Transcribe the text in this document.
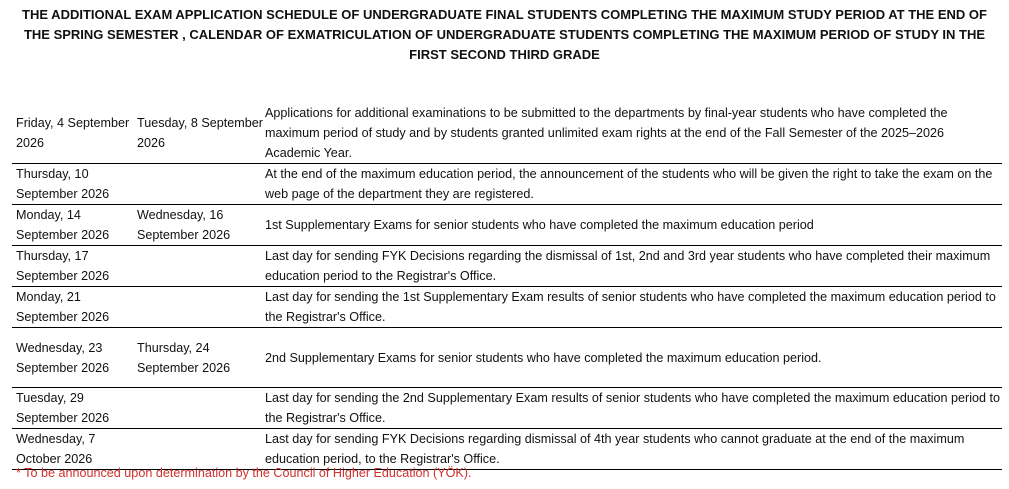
THE ADDITIONAL EXAM APPLICATION SCHEDULE OF UNDERGRADUATE FINAL STUDENTS COMPLETING THE MAXIMUM STUDY PERIOD AT THE END OF THE SPRING SEMESTER , CALENDAR OF EXMATRICULATION OF UNDERGRADUATE STUDENTS COMPLETING THE MAXIMUM PERIOD OF STUDY IN THE FIRST SECOND THIRD GRADE
Friday, 4 September 2026	Tuesday, 8 September 2026	Applications for additional examinations to be submitted to the departments by final-year students who have completed the maximum period of study and by students granted unlimited exam rights at the end of the Fall Semester of the 2025–2026 Academic Year.
Thursday, 10 September 2026		At the end of the maximum education period, the announcement of the students who will be given the right to take the exam on the web page of the department they are registered.
Monday, 14 September 2026	Wednesday, 16 September 2026	1st Supplementary Exams for senior students who have completed the maximum education period
Thursday, 17 September 2026		Last day for sending FYK Decisions regarding the dismissal of 1st, 2nd and 3rd year students who have completed their maximum education period to the Registrar's Office.
Monday, 21 September 2026		Last day for sending the 1st Supplementary Exam results of senior students who have completed the maximum education period to the Registrar's Office.
Wednesday, 23 September 2026	Thursday, 24 September 2026	2nd Supplementary Exams for senior students who have completed the maximum education period.
Tuesday, 29 September 2026		Last day for sending the 2nd Supplementary Exam results of senior students who have completed the maximum education period to the Registrar's Office.
Wednesday, 7 October 2026		Last day for sending FYK Decisions regarding dismissal of 4th year students who cannot graduate at the end of the maximum education period, to the Registrar's Office.
* To be announced upon determination by the Council of Higher Education (YÖK).
